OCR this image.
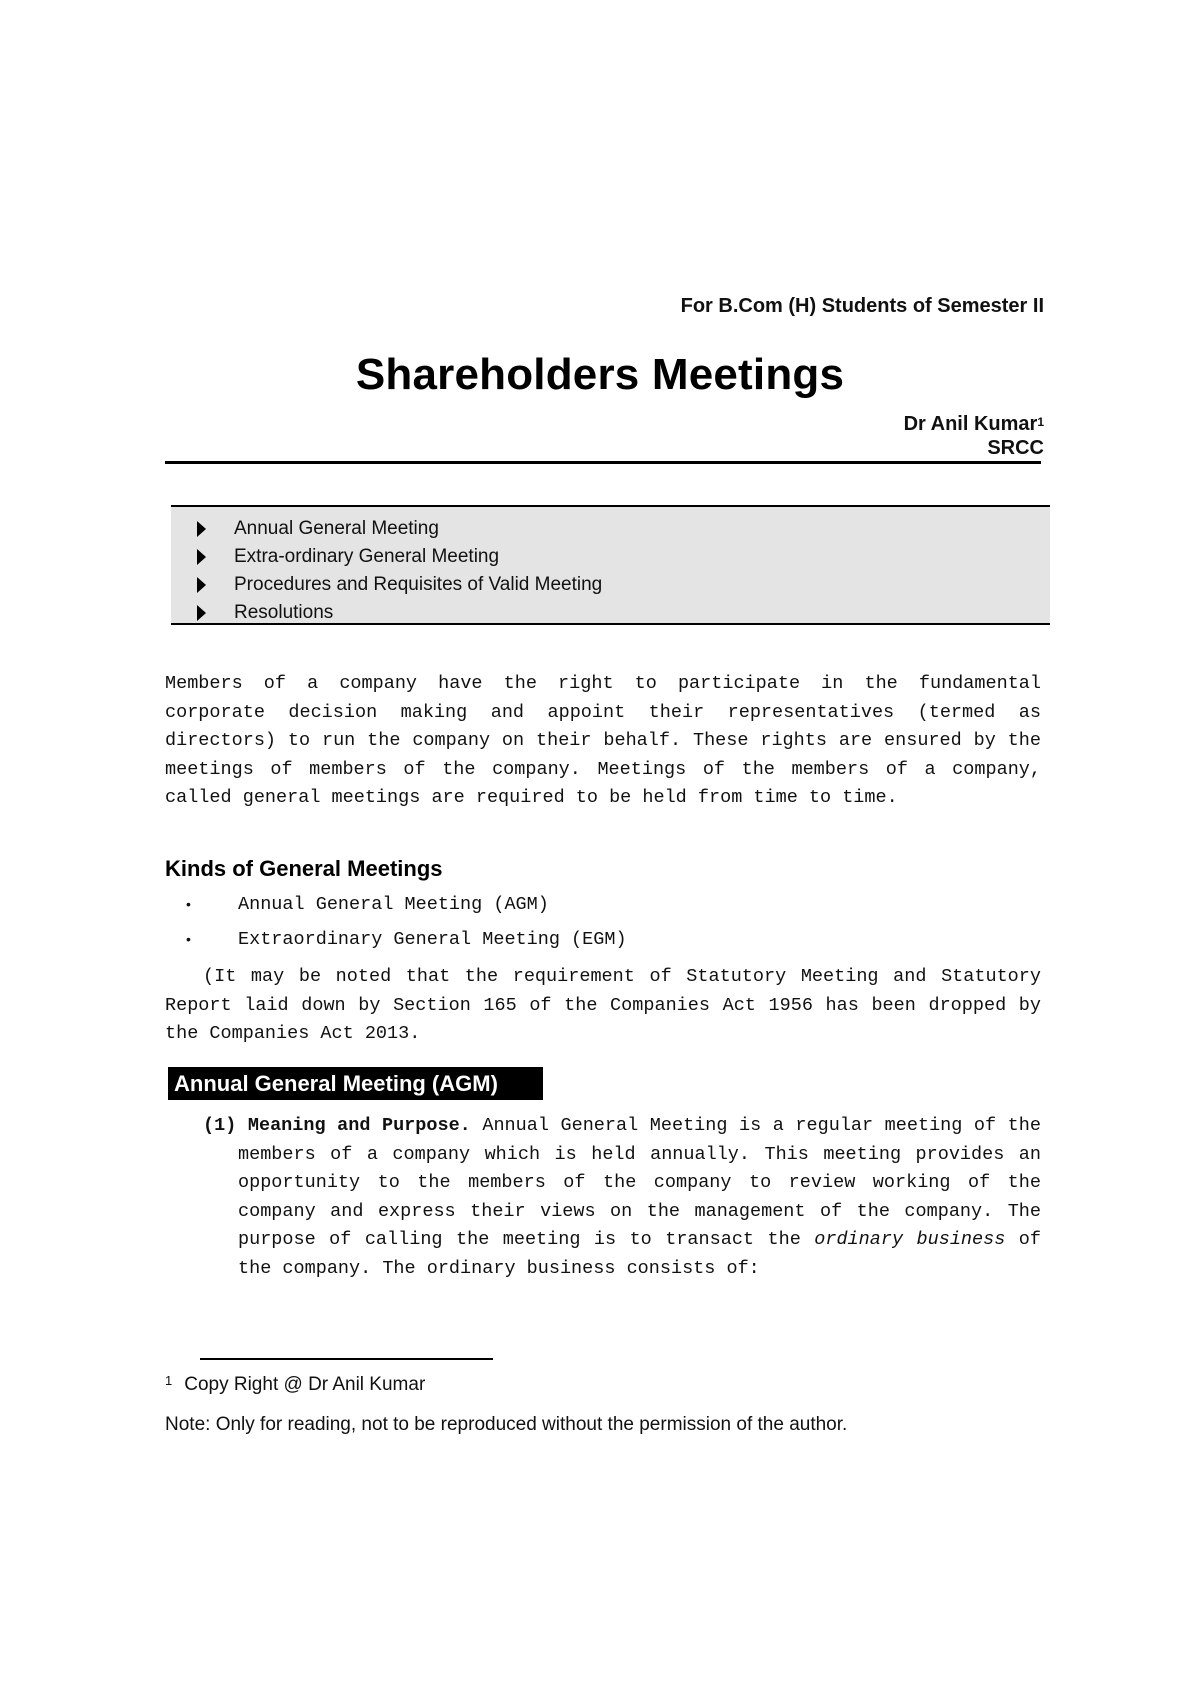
For B.Com (H) Students of Semester II
Shareholders Meetings
Dr Anil Kumar$^1$
SRCC
Annual General Meeting
Extra-ordinary General Meeting
Procedures and Requisites of Valid Meeting
Resolutions

Members of a company have the right to participate in the fundamental corporate decision making and appoint their representatives (termed as directors) to run the company on their behalf. These rights are ensured by the meetings of members of the company. Meetings of the members of a company, called general meetings are required to be held from time to time.

Kinds of General Meetings
•	Annual General Meeting (AGM)
•	Extraordinary General Meeting (EGM)

(It may be noted that the requirement of Statutory Meeting and Statutory Report laid down by Section 165 of the Companies Act 1956 has been dropped by the Companies Act 2013.

Annual General Meeting (AGM)

(1) Meaning and Purpose. Annual General Meeting is a regular meeting of the members of a company which is held annually. This meeting provides an opportunity to the members of the company to review working of the company and express their views on the management of the company. The purpose of calling the meeting is to transact the ordinary business of the company. The ordinary business consists of:

$^1$ Copy Right @ Dr Anil Kumar
Note: Only for reading, not to be reproduced without the permission of the author.
